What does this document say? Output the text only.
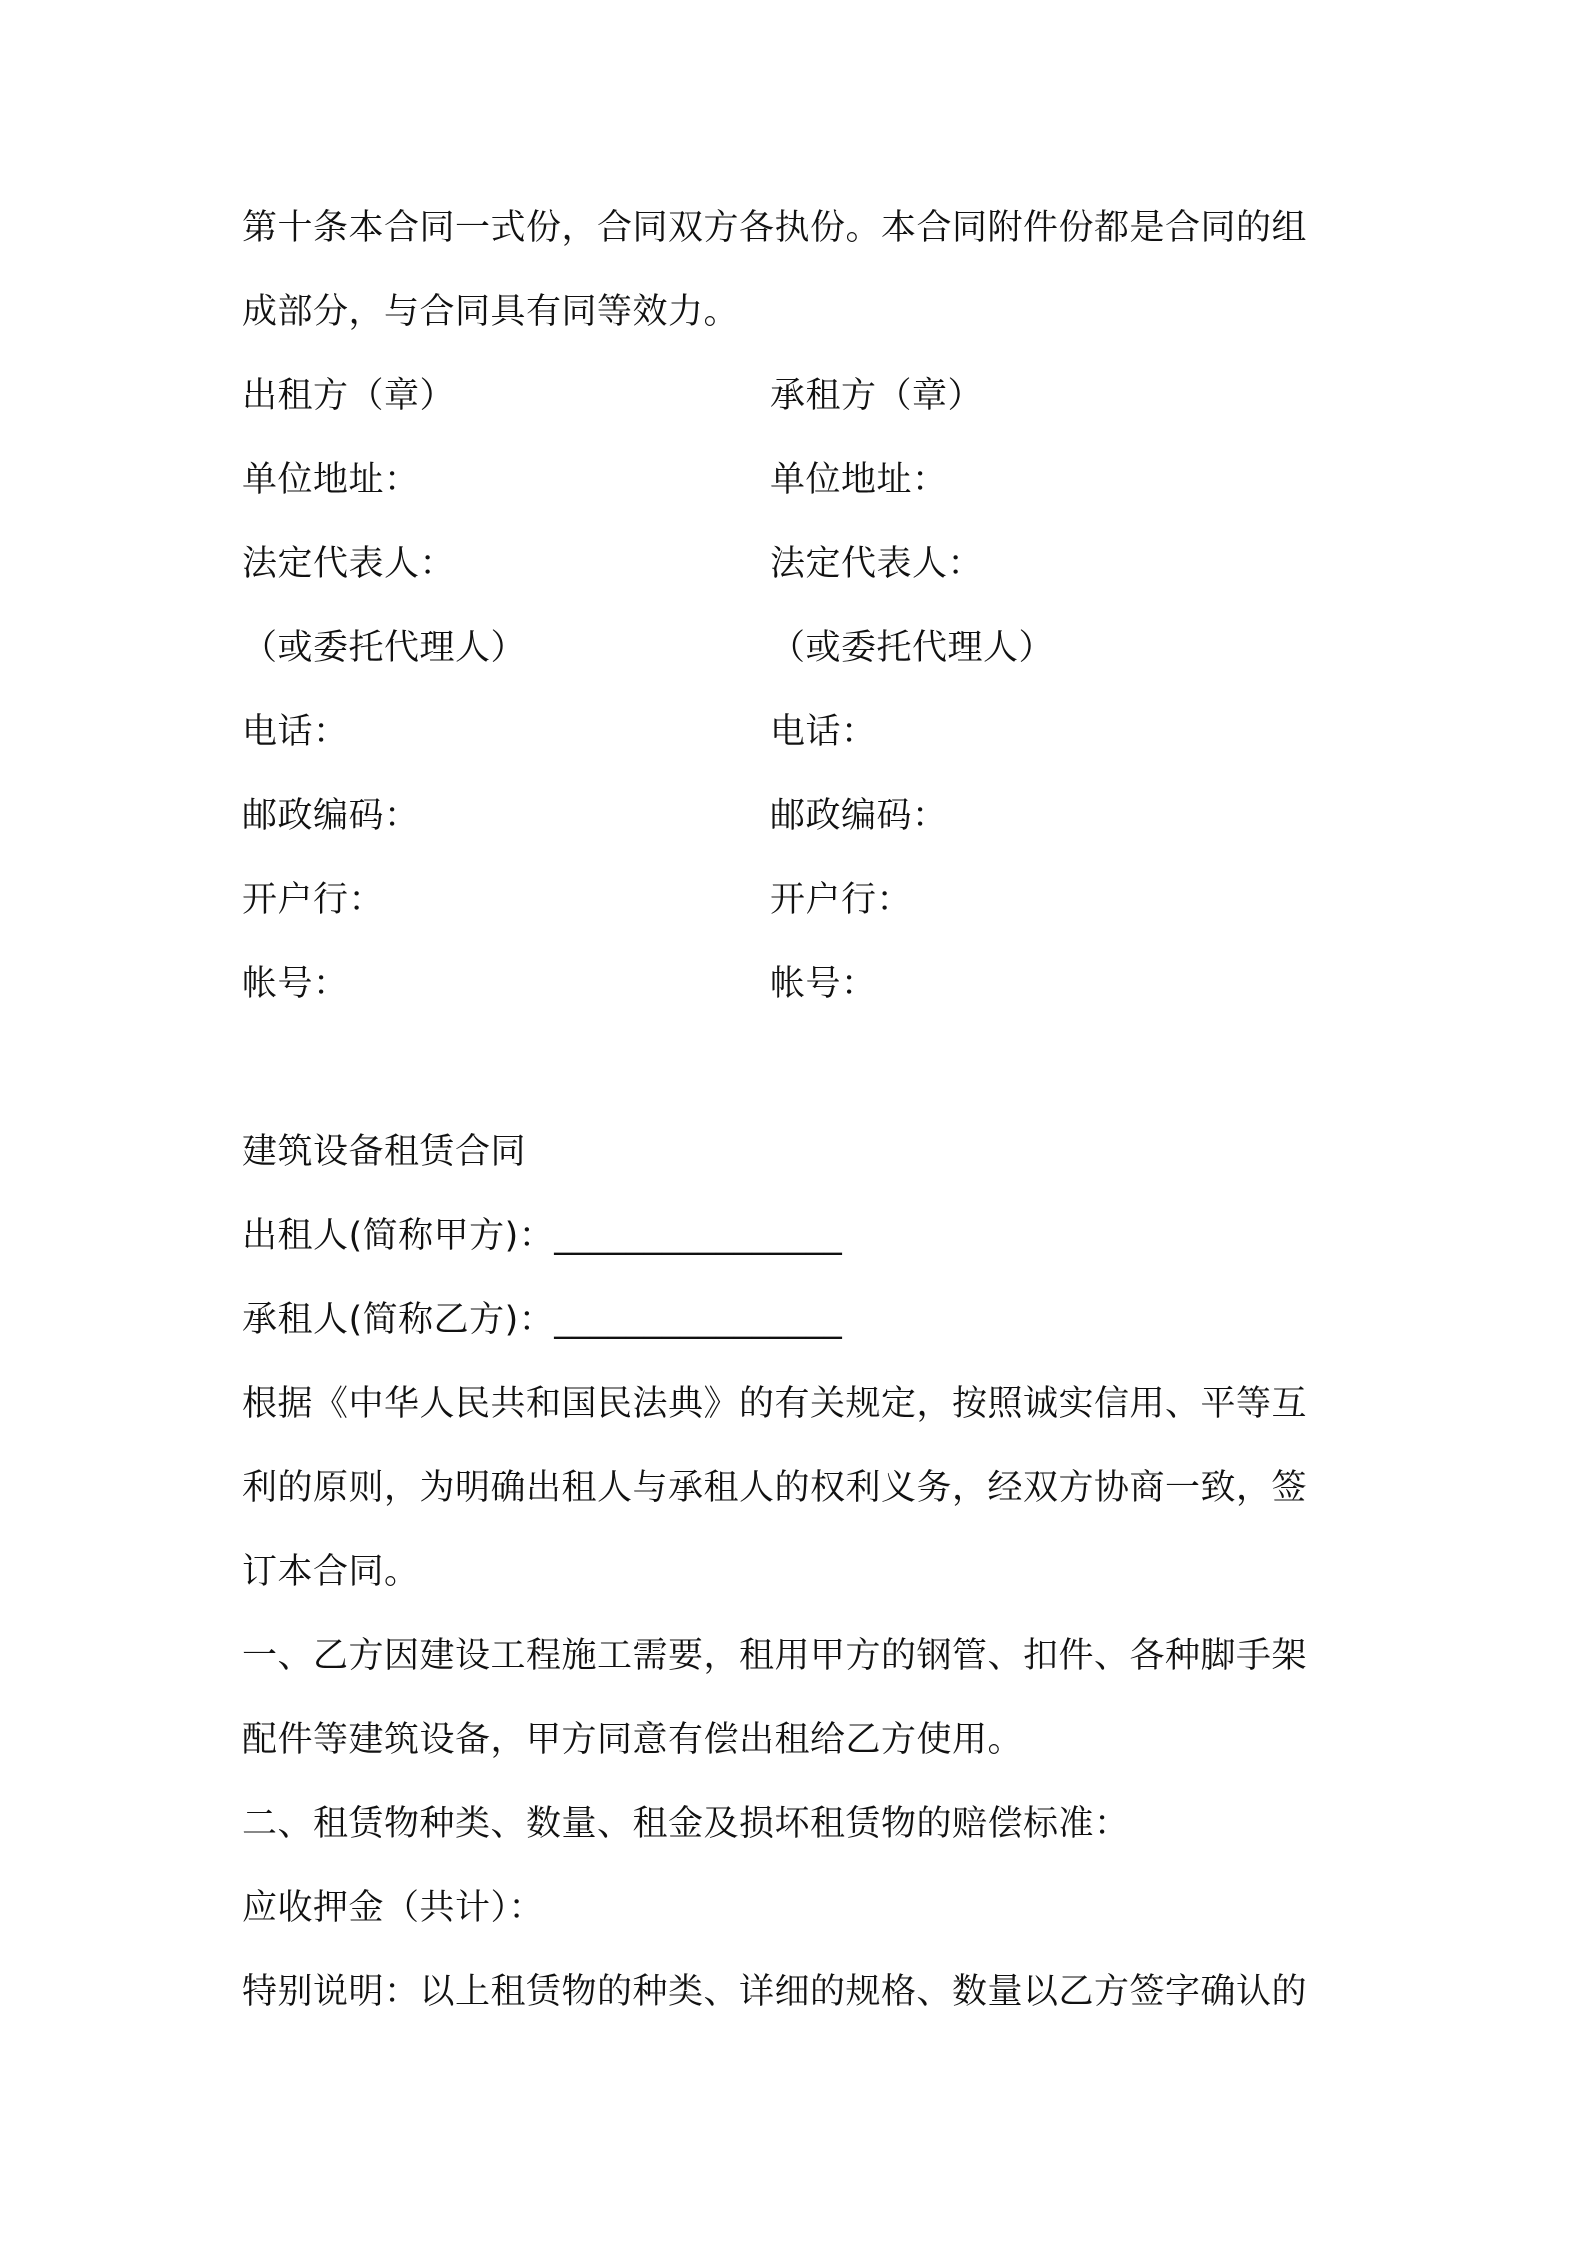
第十条本合同一式份，合同双方各执份。本合同附件份都是合同的组
成部分，与合同具有同等效力。
出租方（章）
单位地址：
法定代表人：
（或委托代理人）
电话：
邮政编码：
开户行：
帐号：
承租方（章）
单位地址：
法定代表人：
（或委托代理人）
电话：
邮政编码：
开户行：
帐号：
建筑设备租赁合同
出租人(简称甲方)：________________
承租人(简称乙方)：________________
根据《中华人民共和国民法典》的有关规定，按照诚实信用、平等互
利的原则，为明确出租人与承租人的权利义务，经双方协商一致，签
订本合同。
一、乙方因建设工程施工需要，租用甲方的钢管、扣件、各种脚手架
配件等建筑设备，甲方同意有偿出租给乙方使用。
二、租赁物种类、数量、租金及损坏租赁物的赔偿标准：
应收押金（共计）：
特别说明：以上租赁物的种类、详细的规格、数量以乙方签字确认的
